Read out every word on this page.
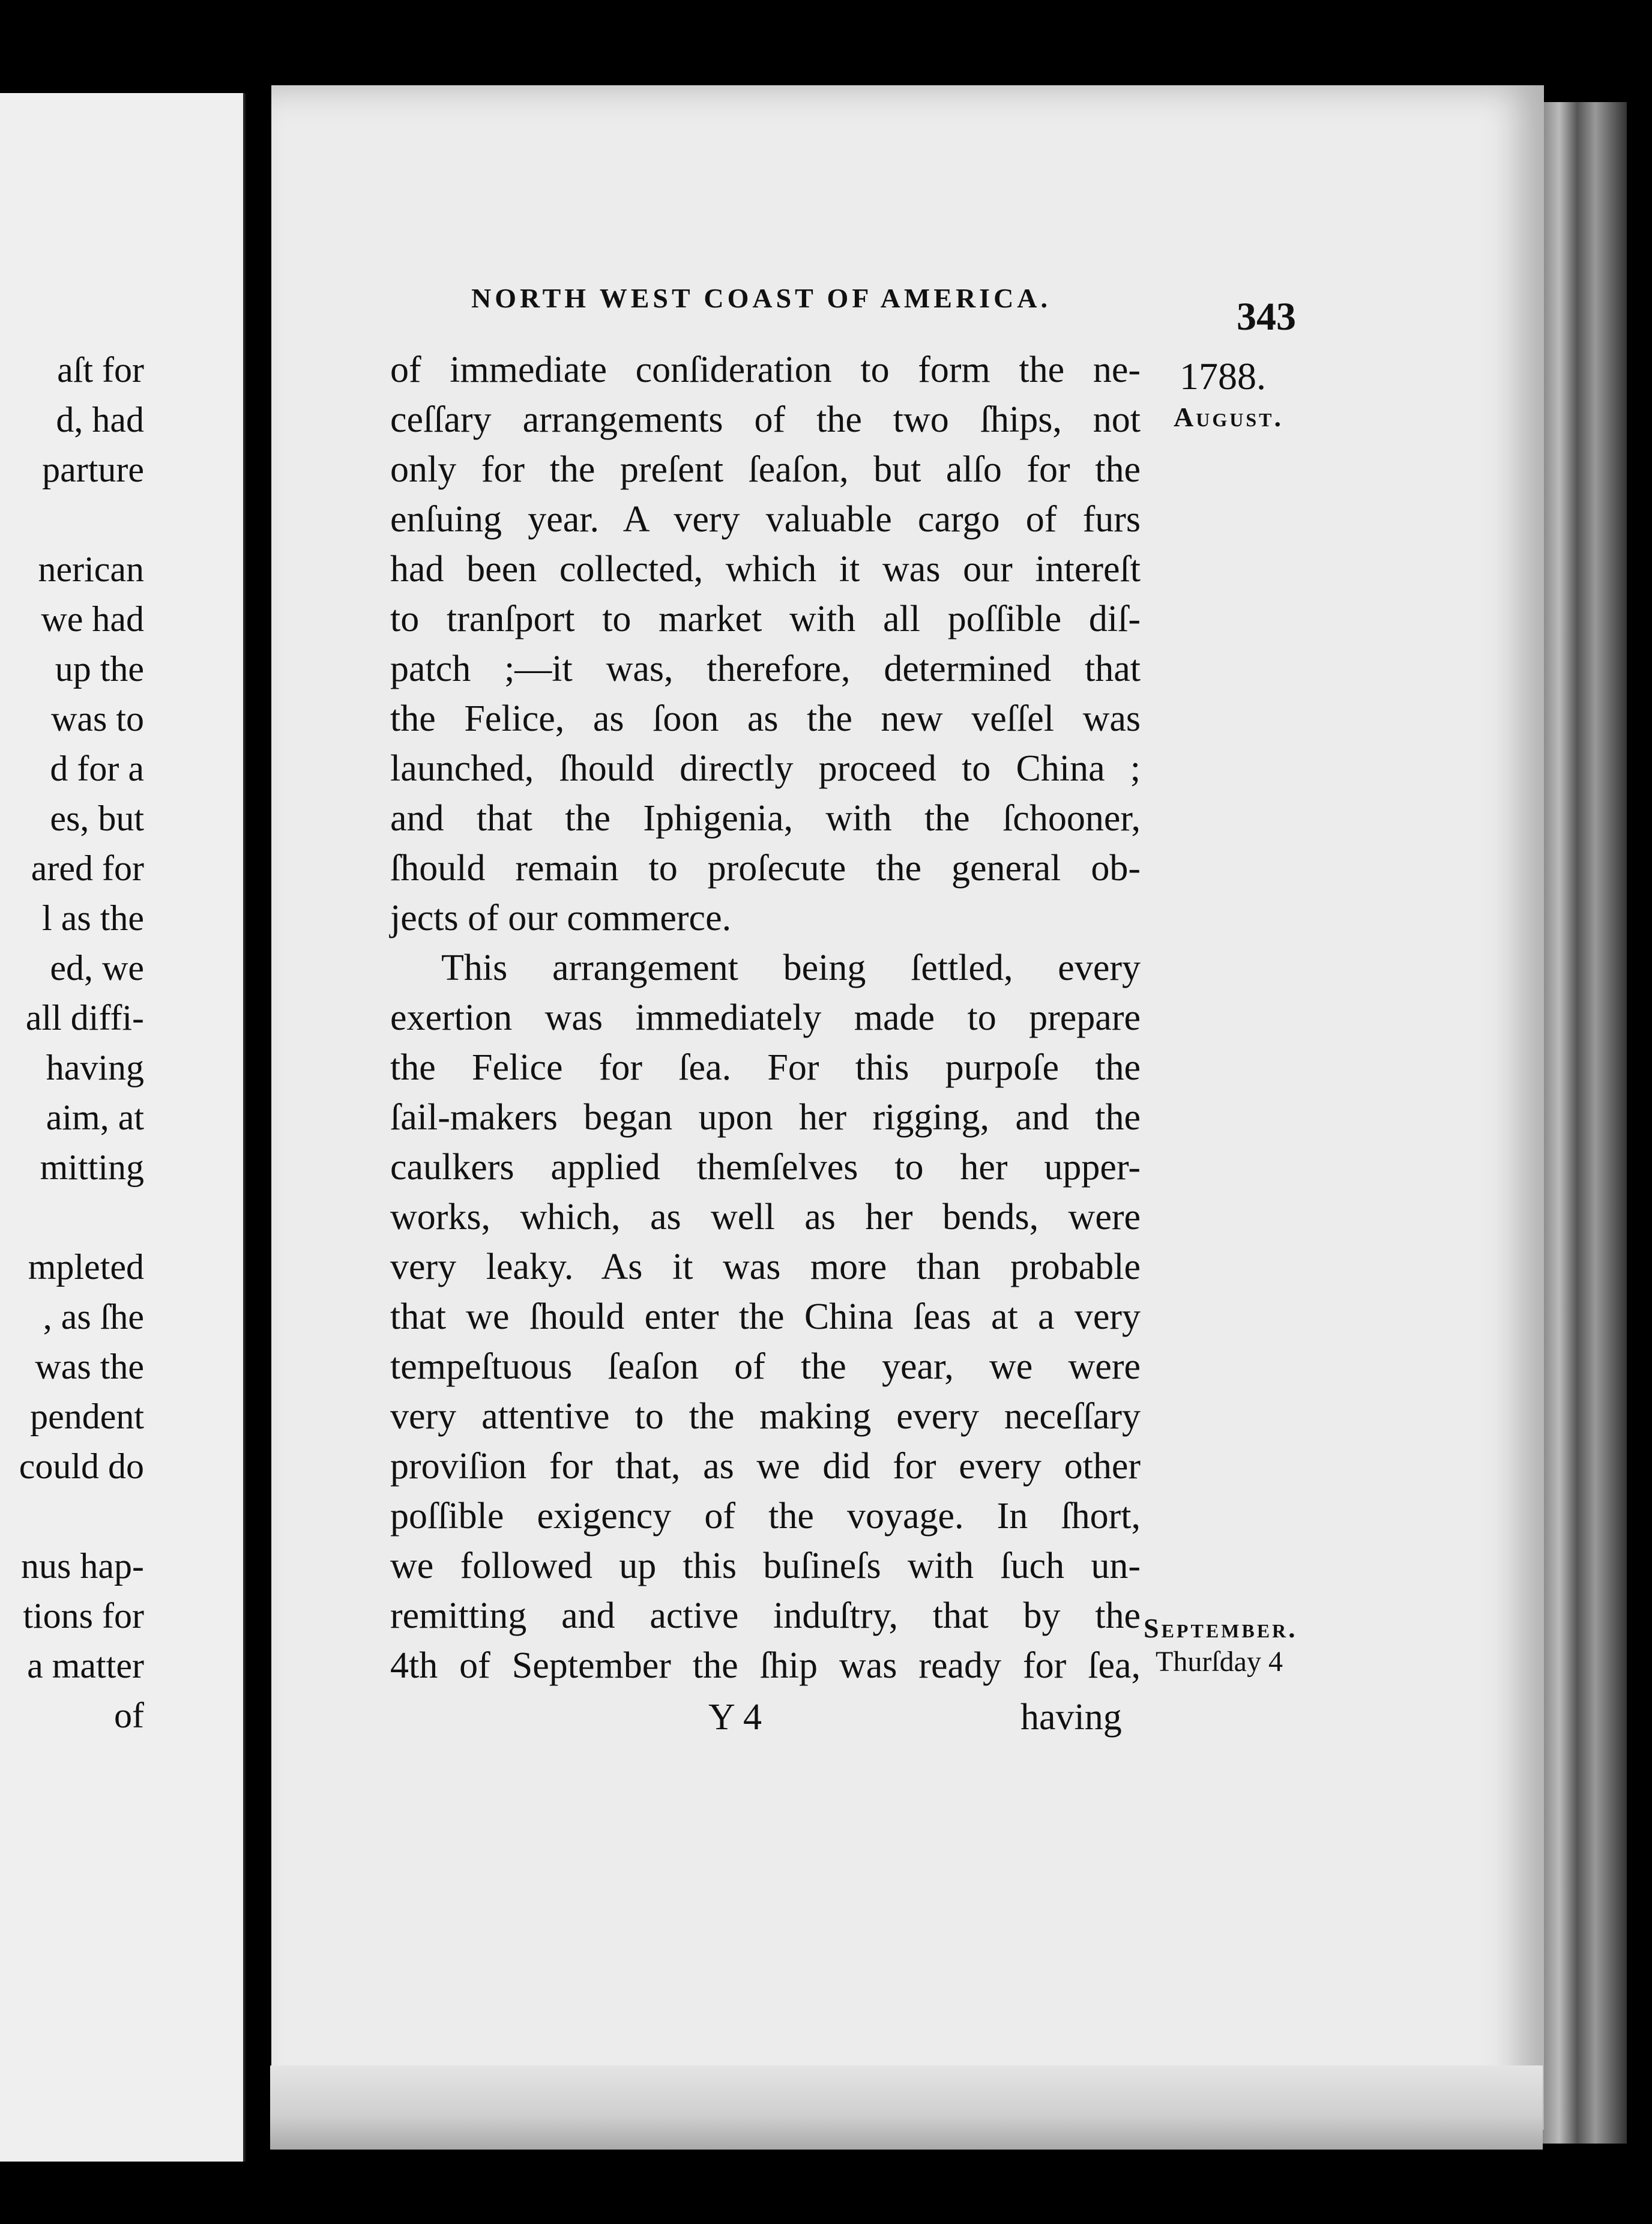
aſt for
d, had
parture
nerican
we had
up the
was to
d for a
es, but
ared for
l as the
ed, we
all diffi-
having
aim, at
mitting
mpleted
, as ſhe
was the
pendent
could do
nus hap-
tions for
a matter
of
NORTH WEST COAST OF AMERICA.	343
1788.
August.
of immediate conſideration to form the ne-
ceſſary arrangements of the two ſhips, not
only for the preſent ſeaſon, but alſo for the
enſuing year. A very valuable cargo of furs
had been collected, which it was our intereſt
to tranſport to market with all poſſible diſ-
patch ;—it was, therefore, determined that
the Felice, as ſoon as the new veſſel was
launched, ſhould directly proceed to China ;
and that the Iphigenia, with the ſchooner,
ſhould remain to proſecute the general ob-
jects of our commerce.
This arrangement being ſettled, every
exertion was immediately made to prepare
the Felice for ſea. For this purpoſe the
ſail-makers began upon her rigging, and the
caulkers applied themſelves to her upper-
works, which, as well as her bends, were
very leaky. As it was more than probable
that we ſhould enter the China ſeas at a very
tempeſtuous ſeaſon of the year, we were
very attentive to the making every neceſſary
proviſion for that, as we did for every other
poſſible exigency of the voyage. In ſhort,
we followed up this buſineſs with ſuch un-
remitting and active induſtry, that by the
4th of September the ſhip was ready for ſea,
September.
Thurſday 4
Y 4	having
